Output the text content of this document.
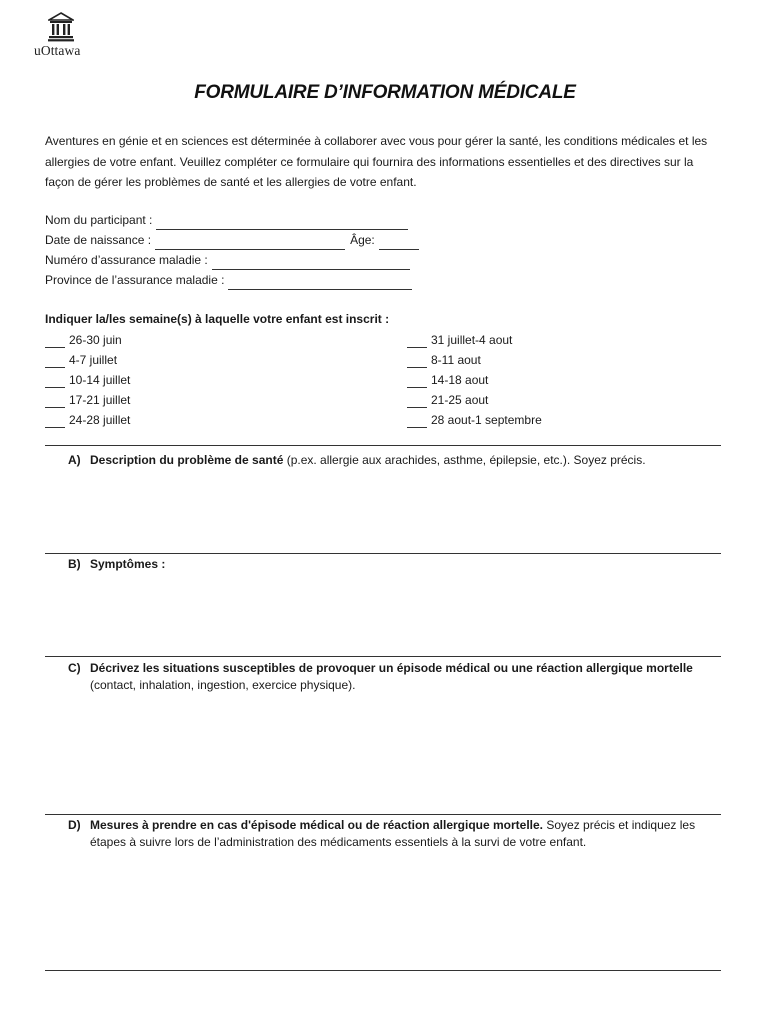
uOttawa
FORMULAIRE D’INFORMATION MÉDICALE
Aventures en génie et en sciences est déterminée à collaborer avec vous pour gérer la santé, les conditions médicales et les allergies de votre enfant. Veuillez compléter ce formulaire qui fournira des informations essentielles et des directives sur la façon de gérer les problèmes de santé et les allergies de votre enfant.
Nom du participant :
Date de naissance :	Âge:
Numéro d’assurance maladie :
Province de l’assurance maladie :
Indiquer la/les semaine(s) à laquelle votre enfant est inscrit :
26-30 juin
4-7 juillet
10-14 juillet
17-21 juillet
24-28 juillet
31 juillet-4 aout
8-11 aout
14-18 aout
21-25 aout
28 aout-1 septembre
A) Description du problème de santé (p.ex. allergie aux arachides, asthme, épilepsie, etc.). Soyez précis.
B) Symptômes :
C) Décrivez les situations susceptibles de provoquer un épisode médical ou une réaction allergique mortelle (contact, inhalation, ingestion, exercice physique).
D) Mesures à prendre en cas d'épisode médical ou de réaction allergique mortelle. Soyez précis et indiquez les étapes à suivre lors de l’administration des médicaments essentiels à la survi de votre enfant.
